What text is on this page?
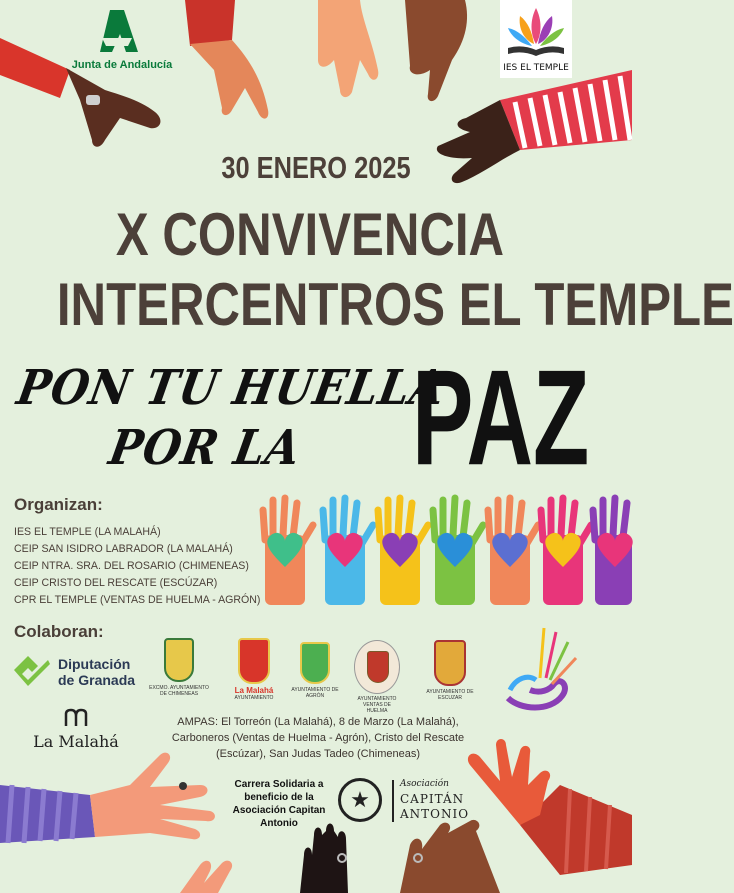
Junta de Andalucía	IES EL TEMPLE
30 ENERO 2025
X CONVIVENCIA
INTERCENTROS EL TEMPLE
PON TU HUELLA
POR LA PAZ
Organizan:
IES EL TEMPLE (LA MALAHÁ)
CEIP SAN ISIDRO LABRADOR (LA MALAHÁ)
CEIP NTRA. SRA. DEL ROSARIO (CHIMENEAS)
CEIP CRISTO DEL RESCATE (ESCÚZAR)
CPR EL TEMPLE (VENTAS DE HUELMA - AGRÓN)
Colaboran:
Diputación
de Granada	EXCMO. AYUNTAMIENTO DE CHIMENEAS	La Malahá
AYUNTAMIENTO
AYUNTAMIENTO DE AGRÓN	AYUNTAMIENTO VENTAS DE HUELMA
AYUNTAMIENTO DE ESCUZAR
La Malahá
AMPAS: El Torreón (La Malahá), 8 de Marzo (La Malahá), Carboneros (Ventas de Huelma - Agrón), Cristo del Rescate (Escúzar), San Judas Tadeo (Chimeneas)
Carrera Solidaria a beneficio de la Asociación Capitan Antonio
★
Asociación
CAPITÁN
ANTONIO
